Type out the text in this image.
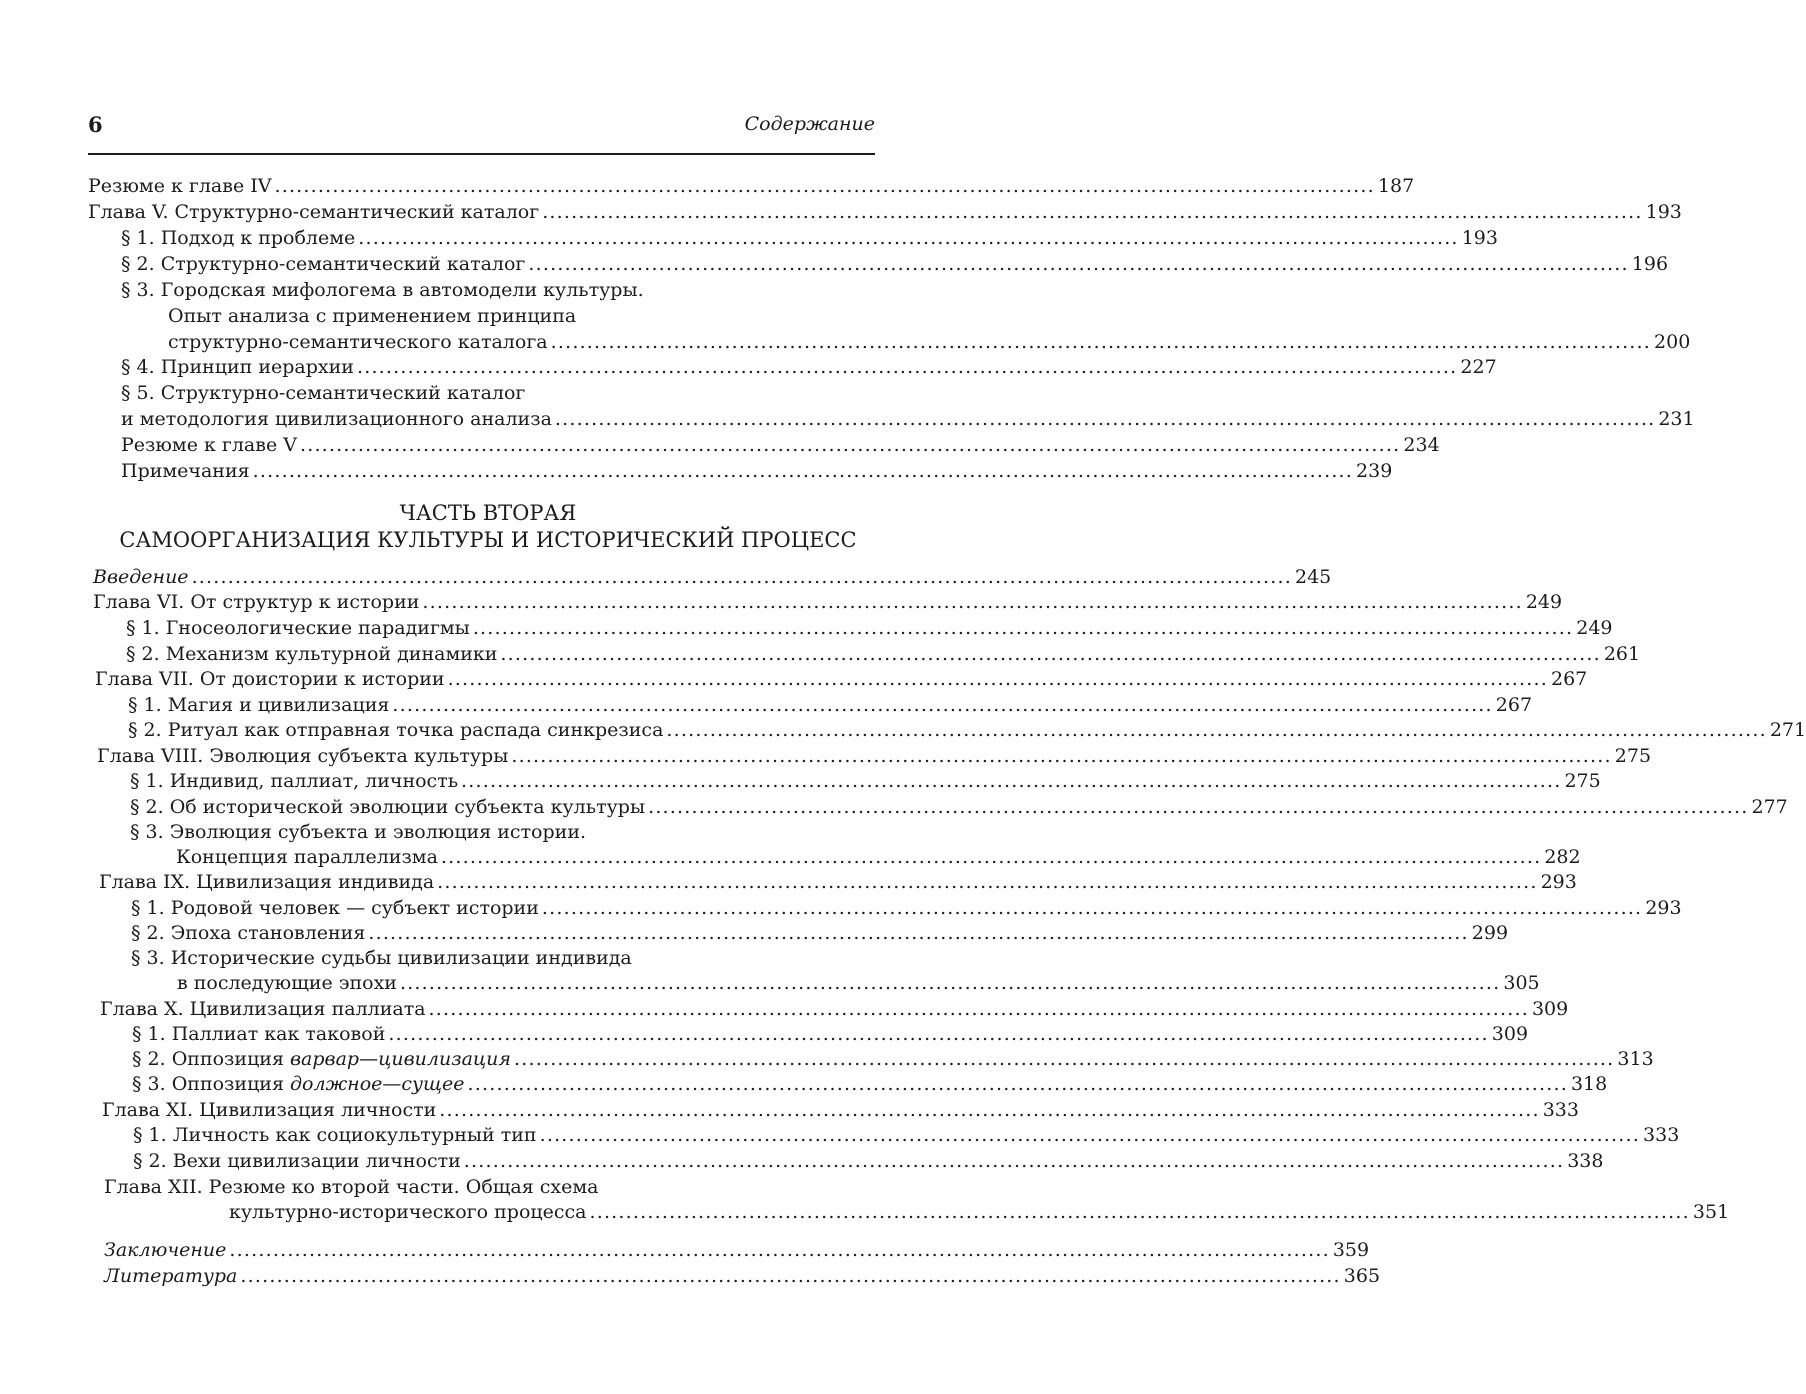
6	Содержание
Резюме к главе IV ........................................................................................................................................................ 187
Глава V. Структурно-семантический каталог ........................................................................................................................................................ 193
§ 1. Подход к проблеме ........................................................................................................................................................ 193
§ 2. Структурно-семантический каталог ........................................................................................................................................................ 196
§ 3. Городская мифологема в автомодели культуры.
Опыт анализа с применением принципа
структурно-семантического каталога ........................................................................................................................................................ 200
§ 4. Принцип иерархии ........................................................................................................................................................ 227
§ 5. Структурно-семантический каталог
и методология цивилизационного анализа ........................................................................................................................................................ 231
Резюме к главе V ........................................................................................................................................................ 234
Примечания ........................................................................................................................................................ 239
ЧАСТЬ ВТОРАЯ
САМООРГАНИЗАЦИЯ КУЛЬТУРЫ И ИСТОРИЧЕСКИЙ ПРОЦЕСС
Введение ........................................................................................................................................................ 245
Глава VI. От структур к истории ........................................................................................................................................................ 249
§ 1. Гносеологические парадигмы ........................................................................................................................................................ 249
§ 2. Механизм культурной динамики ........................................................................................................................................................ 261
Глава VII. От доистории к истории ........................................................................................................................................................ 267
§ 1. Магия и цивилизация ........................................................................................................................................................ 267
§ 2. Ритуал как отправная точка распада синкрезиса ........................................................................................................................................................ 271
Глава VIII. Эволюция субъекта культуры ........................................................................................................................................................ 275
§ 1. Индивид, паллиат, личность ........................................................................................................................................................ 275
§ 2. Об исторической эволюции субъекта культуры ........................................................................................................................................................ 277
§ 3. Эволюция субъекта и эволюция истории.
Концепция параллелизма ........................................................................................................................................................ 282
Глава IX. Цивилизация индивида ........................................................................................................................................................ 293
§ 1. Родовой человек — субъект истории ........................................................................................................................................................ 293
§ 2. Эпоха становления ........................................................................................................................................................ 299
§ 3. Исторические судьбы цивилизации индивида
в последующие эпохи ........................................................................................................................................................ 305
Глава X. Цивилизация паллиата ........................................................................................................................................................ 309
§ 1. Паллиат как таковой ........................................................................................................................................................ 309
§ 2. Оппозиция варвар—цивилизация ........................................................................................................................................................ 313
§ 3. Оппозиция должное—сущее ........................................................................................................................................................ 318
Глава XI. Цивилизация личности ........................................................................................................................................................ 333
§ 1. Личность как социокультурный тип ........................................................................................................................................................ 333
§ 2. Вехи цивилизации личности ........................................................................................................................................................ 338
Глава XII. Резюме ко второй части. Общая схема
культурно-исторического процесса ........................................................................................................................................................ 351
Заключение ........................................................................................................................................................ 359
Литература ........................................................................................................................................................ 365
